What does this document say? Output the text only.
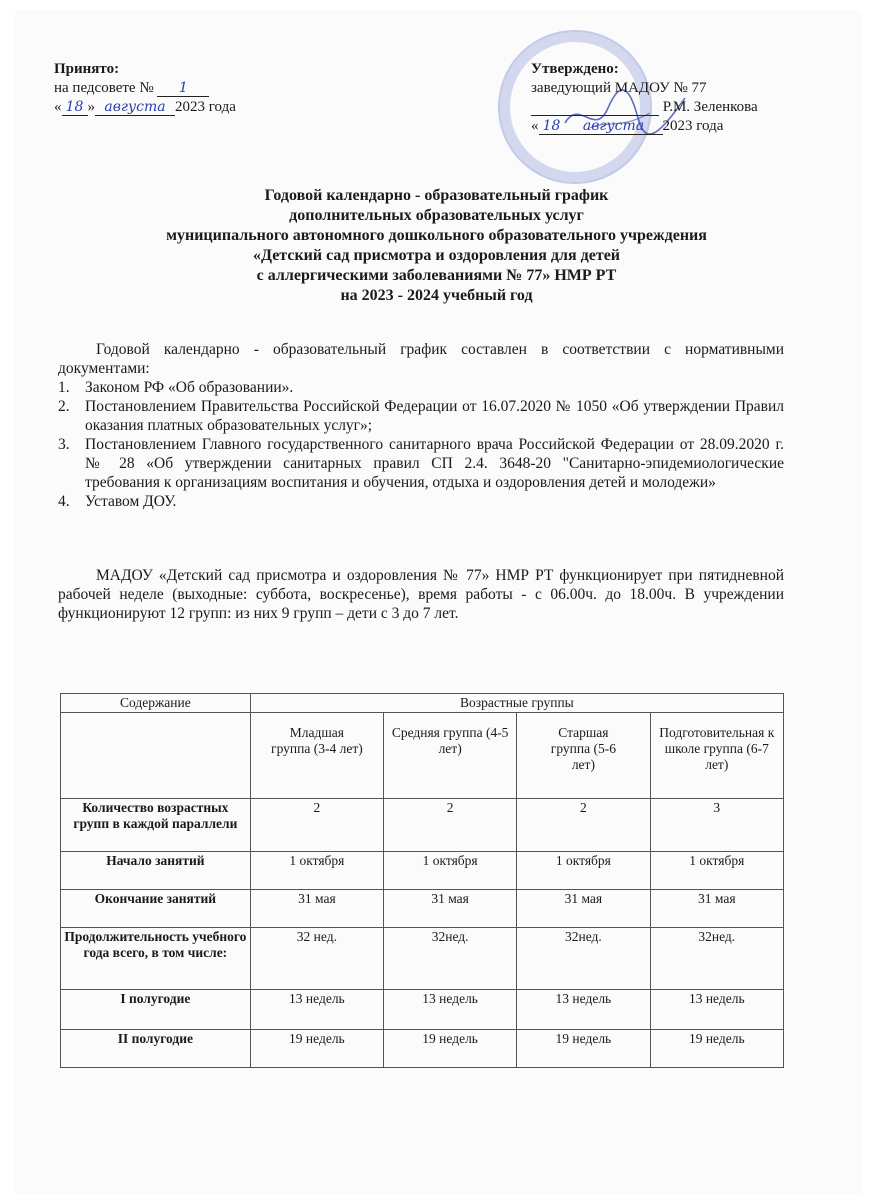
Принято:
на педсовете № 1
« 18 » августа 2023 года
Утверждено:
заведующий МАДОУ № 77
Р.М. Зеленкова
« 18 августа 2023 года
Годовой календарно - образовательный график
дополнительных образовательных услуг
муниципального автономного дошкольного образовательного учреждения
«Детский сад присмотра и оздоровления для детей
с аллергическими заболеваниями № 77» НМР РТ
на 2023 - 2024 учебный год
Годовой календарно - образовательный график составлен в соответствии с нормативными документами:
1. Законом РФ «Об образовании».
2. Постановлением Правительства Российской Федерации от 16.07.2020 № 1050 «Об утверждении Правил оказания платных образовательных услуг»;
3. Постановлением Главного государственного санитарного врача Российской Федерации от 28.09.2020 г. № 28 «Об утверждении санитарных правил СП 2.4. 3648-20 "Санитарно-эпидемиологические требования к организациям воспитания и обучения, отдыха и оздоровления детей и молодежи»
4. Уставом ДОУ.
МАДОУ «Детский сад присмотра и оздоровления № 77» НМР РТ функционирует при пятидневной рабочей неделе (выходные: суббота, воскресенье), время работы - с 06.00ч. до 18.00ч. В учреждении функционируют 12 групп: из них 9 групп – дети с 3 до 7 лет.
Содержание	Возрастные группы			
	Младшая группа (3-4 лет)	Средняя группа (4-5 лет)	Старшая группа (5-6 лет)	Подготовительная к школе группа (6-7 лет)
Количество возрастных групп в каждой параллели	2	2	2	3
Начало занятий	1 октября	1 октября	1 октября	1 октября
Окончание занятий	31 мая	31 мая	31 мая	31 мая
Продолжительность учебного года всего, в том числе:	32 нед.	32нед.	32нед.	32нед.
I полугодие	13 недель	13 недель	13 недель	13 недель
II полугодие	19 недель	19 недель	19 недель	19 недель
